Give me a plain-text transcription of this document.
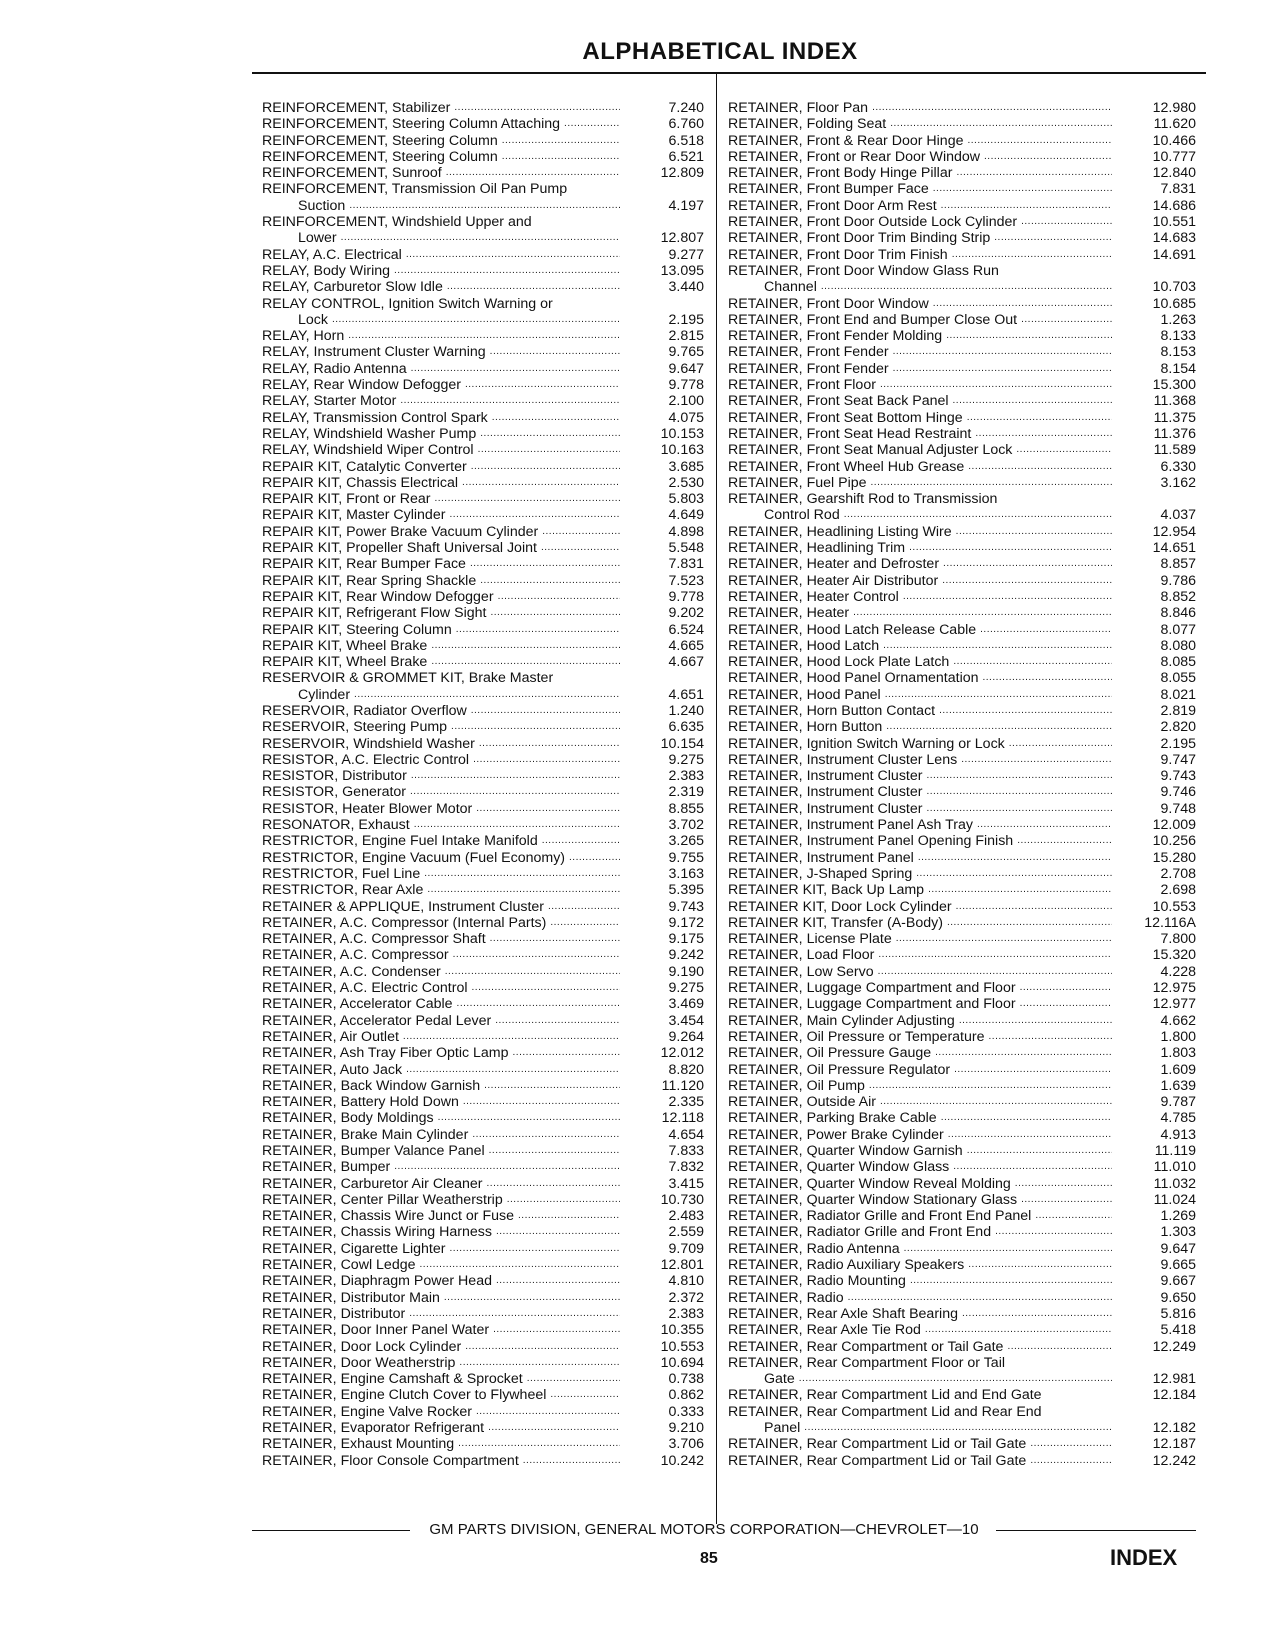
ALPHABETICAL INDEX
REINFORCEMENT, Stabilizer .....	7.240
REINFORCEMENT, Steering Column Attaching .....	6.760
REINFORCEMENT, Steering Column .....	6.518
REINFORCEMENT, Steering Column .....	6.521
REINFORCEMENT, Sunroof .....	12.809
REINFORCEMENT, Transmission Oil Pan Pump
Suction .....	4.197
REINFORCEMENT, Windshield Upper and
Lower .....	12.807
RELAY, A.C. Electrical .....	9.277
RELAY, Body Wiring .....	13.095
RELAY, Carburetor Slow Idle .....	3.440
RELAY CONTROL, Ignition Switch Warning or
Lock .....	2.195
RELAY, Horn .....	2.815
RELAY, Instrument Cluster Warning .....	9.765
RELAY, Radio Antenna .....	9.647
RELAY, Rear Window Defogger .....	9.778
RELAY, Starter Motor .....	2.100
RELAY, Transmission Control Spark .....	4.075
RELAY, Windshield Washer Pump .....	10.153
RELAY, Windshield Wiper Control .....	10.163
REPAIR KIT, Catalytic Converter .....	3.685
REPAIR KIT, Chassis Electrical .....	2.530
REPAIR KIT, Front or Rear .....	5.803
REPAIR KIT, Master Cylinder .....	4.649
REPAIR KIT, Power Brake Vacuum Cylinder .....	4.898
REPAIR KIT, Propeller Shaft Universal Joint .....	5.548
REPAIR KIT, Rear Bumper Face .....	7.831
REPAIR KIT, Rear Spring Shackle .....	7.523
REPAIR KIT, Rear Window Defogger .....	9.778
REPAIR KIT, Refrigerant Flow Sight .....	9.202
REPAIR KIT, Steering Column .....	6.524
REPAIR KIT, Wheel Brake .....	4.665
REPAIR KIT, Wheel Brake .....	4.667
RESERVOIR & GROMMET KIT, Brake Master
Cylinder .....	4.651
RESERVOIR, Radiator Overflow .....	1.240
RESERVOIR, Steering Pump .....	6.635
RESERVOIR, Windshield Washer .....	10.154
RESISTOR, A.C. Electric Control .....	9.275
RESISTOR, Distributor .....	2.383
RESISTOR, Generator .....	2.319
RESISTOR, Heater Blower Motor .....	8.855
RESONATOR, Exhaust .....	3.702
RESTRICTOR, Engine Fuel Intake Manifold .....	3.265
RESTRICTOR, Engine Vacuum (Fuel Economy) .....	9.755
RESTRICTOR, Fuel Line .....	3.163
RESTRICTOR, Rear Axle .....	5.395
RETAINER & APPLIQUE, Instrument Cluster .....	9.743
RETAINER, A.C. Compressor (Internal Parts) .....	9.172
RETAINER, A.C. Compressor Shaft .....	9.175
RETAINER, A.C. Compressor .....	9.242
RETAINER, A.C. Condenser .....	9.190
RETAINER, A.C. Electric Control .....	9.275
RETAINER, Accelerator Cable .....	3.469
RETAINER, Accelerator Pedal Lever .....	3.454
RETAINER, Air Outlet .....	9.264
RETAINER, Ash Tray Fiber Optic Lamp .....	12.012
RETAINER, Auto Jack .....	8.820
RETAINER, Back Window Garnish .....	11.120
RETAINER, Battery Hold Down .....	2.335
RETAINER, Body Moldings .....	12.118
RETAINER, Brake Main Cylinder .....	4.654
RETAINER, Bumper Valance Panel .....	7.833
RETAINER, Bumper .....	7.832
RETAINER, Carburetor Air Cleaner .....	3.415
RETAINER, Center Pillar Weatherstrip .....	10.730
RETAINER, Chassis Wire Junct or Fuse .....	2.483
RETAINER, Chassis Wiring Harness .....	2.559
RETAINER, Cigarette Lighter .....	9.709
RETAINER, Cowl Ledge .....	12.801
RETAINER, Diaphragm Power Head .....	4.810
RETAINER, Distributor Main .....	2.372
RETAINER, Distributor .....	2.383
RETAINER, Door Inner Panel Water .....	10.355
RETAINER, Door Lock Cylinder .....	10.553
RETAINER, Door Weatherstrip .....	10.694
RETAINER, Engine Camshaft & Sprocket .....	0.738
RETAINER, Engine Clutch Cover to Flywheel .....	0.862
RETAINER, Engine Valve Rocker .....	0.333
RETAINER, Evaporator Refrigerant .....	9.210
RETAINER, Exhaust Mounting .....	3.706
RETAINER, Floor Console Compartment .....	10.242
RETAINER, Floor Pan .....	12.980
RETAINER, Folding Seat .....	11.620
RETAINER, Front & Rear Door Hinge .....	10.466
RETAINER, Front or Rear Door Window .....	10.777
RETAINER, Front Body Hinge Pillar .....	12.840
RETAINER, Front Bumper Face .....	7.831
RETAINER, Front Door Arm Rest .....	14.686
RETAINER, Front Door Outside Lock Cylinder .....	10.551
RETAINER, Front Door Trim Binding Strip .....	14.683
RETAINER, Front Door Trim Finish .....	14.691
RETAINER, Front Door Window Glass Run
Channel .....	10.703
RETAINER, Front Door Window .....	10.685
RETAINER, Front End and Bumper Close Out .....	1.263
RETAINER, Front Fender Molding .....	8.133
RETAINER, Front Fender .....	8.153
RETAINER, Front Fender .....	8.154
RETAINER, Front Floor .....	15.300
RETAINER, Front Seat Back Panel .....	11.368
RETAINER, Front Seat Bottom Hinge .....	11.375
RETAINER, Front Seat Head Restraint .....	11.376
RETAINER, Front Seat Manual Adjuster Lock .....	11.589
RETAINER, Front Wheel Hub Grease .....	6.330
RETAINER, Fuel Pipe .....	3.162
RETAINER, Gearshift Rod to Transmission
Control Rod .....	4.037
RETAINER, Headlining Listing Wire .....	12.954
RETAINER, Headlining Trim .....	14.651
RETAINER, Heater and Defroster .....	8.857
RETAINER, Heater Air Distributor .....	9.786
RETAINER, Heater Control .....	8.852
RETAINER, Heater .....	8.846
RETAINER, Hood Latch Release Cable .....	8.077
RETAINER, Hood Latch .....	8.080
RETAINER, Hood Lock Plate Latch .....	8.085
RETAINER, Hood Panel Ornamentation .....	8.055
RETAINER, Hood Panel .....	8.021
RETAINER, Horn Button Contact .....	2.819
RETAINER, Horn Button .....	2.820
RETAINER, Ignition Switch Warning or Lock .....	2.195
RETAINER, Instrument Cluster Lens .....	9.747
RETAINER, Instrument Cluster .....	9.743
RETAINER, Instrument Cluster .....	9.746
RETAINER, Instrument Cluster .....	9.748
RETAINER, Instrument Panel Ash Tray .....	12.009
RETAINER, Instrument Panel Opening Finish .....	10.256
RETAINER, Instrument Panel .....	15.280
RETAINER, J-Shaped Spring .....	2.708
RETAINER KIT, Back Up Lamp .....	2.698
RETAINER KIT, Door Lock Cylinder .....	10.553
RETAINER KIT, Transfer (A-Body) .....	12.116A
RETAINER, License Plate .....	7.800
RETAINER, Load Floor .....	15.320
RETAINER, Low Servo .....	4.228
RETAINER, Luggage Compartment and Floor .....	12.975
RETAINER, Luggage Compartment and Floor .....	12.977
RETAINER, Main Cylinder Adjusting .....	4.662
RETAINER, Oil Pressure or Temperature .....	1.800
RETAINER, Oil Pressure Gauge .....	1.803
RETAINER, Oil Pressure Regulator .....	1.609
RETAINER, Oil Pump .....	1.639
RETAINER, Outside Air .....	9.787
RETAINER, Parking Brake Cable .....	4.785
RETAINER, Power Brake Cylinder .....	4.913
RETAINER, Quarter Window Garnish .....	11.119
RETAINER, Quarter Window Glass .....	11.010
RETAINER, Quarter Window Reveal Molding .....	11.032
RETAINER, Quarter Window Stationary Glass .....	11.024
RETAINER, Radiator Grille and Front End Panel .....	1.269
RETAINER, Radiator Grille and Front End .....	1.303
RETAINER, Radio Antenna .....	9.647
RETAINER, Radio Auxiliary Speakers .....	9.665
RETAINER, Radio Mounting .....	9.667
RETAINER, Radio .....	9.650
RETAINER, Rear Axle Shaft Bearing .....	5.816
RETAINER, Rear Axle Tie Rod .....	5.418
RETAINER, Rear Compartment or Tail Gate .....	12.249
RETAINER, Rear Compartment Floor or Tail
Gate .....	12.981
RETAINER, Rear Compartment Lid and End Gate	12.184
RETAINER, Rear Compartment Lid and Rear End
Panel .....	12.182
RETAINER, Rear Compartment Lid or Tail Gate .....	12.187
RETAINER, Rear Compartment Lid or Tail Gate .....	12.242
GM PARTS DIVISION, GENERAL MOTORS CORPORATION—CHEVROLET—10
85	INDEX
